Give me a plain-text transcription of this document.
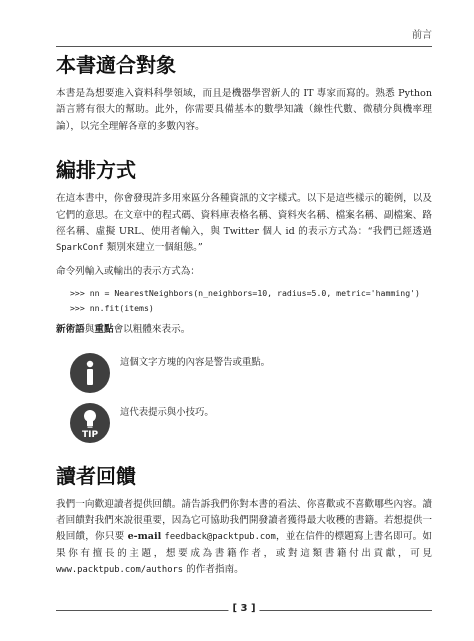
前言
本書適合對象

本書是為想要進入資料科學領域，而且是機器學習新人的 IT 專家而寫的。熟悉 Python 語言將有很大的幫助。此外，你需要具備基本的數學知識（線性代數、微積分與機率理論），以完全理解各章的多數內容。

編排方式

在這本書中，你會發現許多用來區分各種資訊的文字樣式。以下是這些樣示的範例，以及它們的意思。在文章中的程式碼、資料庫表格名稱、資料夾名稱、檔案名稱、副檔案、路徑名稱、虛擬 URL、使用者輸入，與 Twitter 個人 id 的表示方式為：“我們已經透過 SparkConf 類別來建立一個組態。”

命令列輸入或輸出的表示方式為：

>>> nn = NearestNeighbors(n_neighbors=10, radius=5.0, metric='hamming')
>>> nn.fit(items)

新術語與重點會以粗體來表示。

這個文字方塊的內容是警告或重點。
TIP
這代表提示與小技巧。
讀者回饋

我們一向歡迎讀者提供回饋。請告訴我們你對本書的看法、你喜歡或不喜歡哪些內容。讀者回饋對我們來說很重要，因為它可協助我們開發讀者獲得最大收穫的書籍。若想提供一般回饋，你只要 e-mail feedback@packtpub.com，並在信件的標題寫上書名即可。如果你有擅長的主題，想要成為書籍作者，或對這類書籍付出貢獻，可見 www.packtpub.com/authors 的作者指南。

[ 3 ]
